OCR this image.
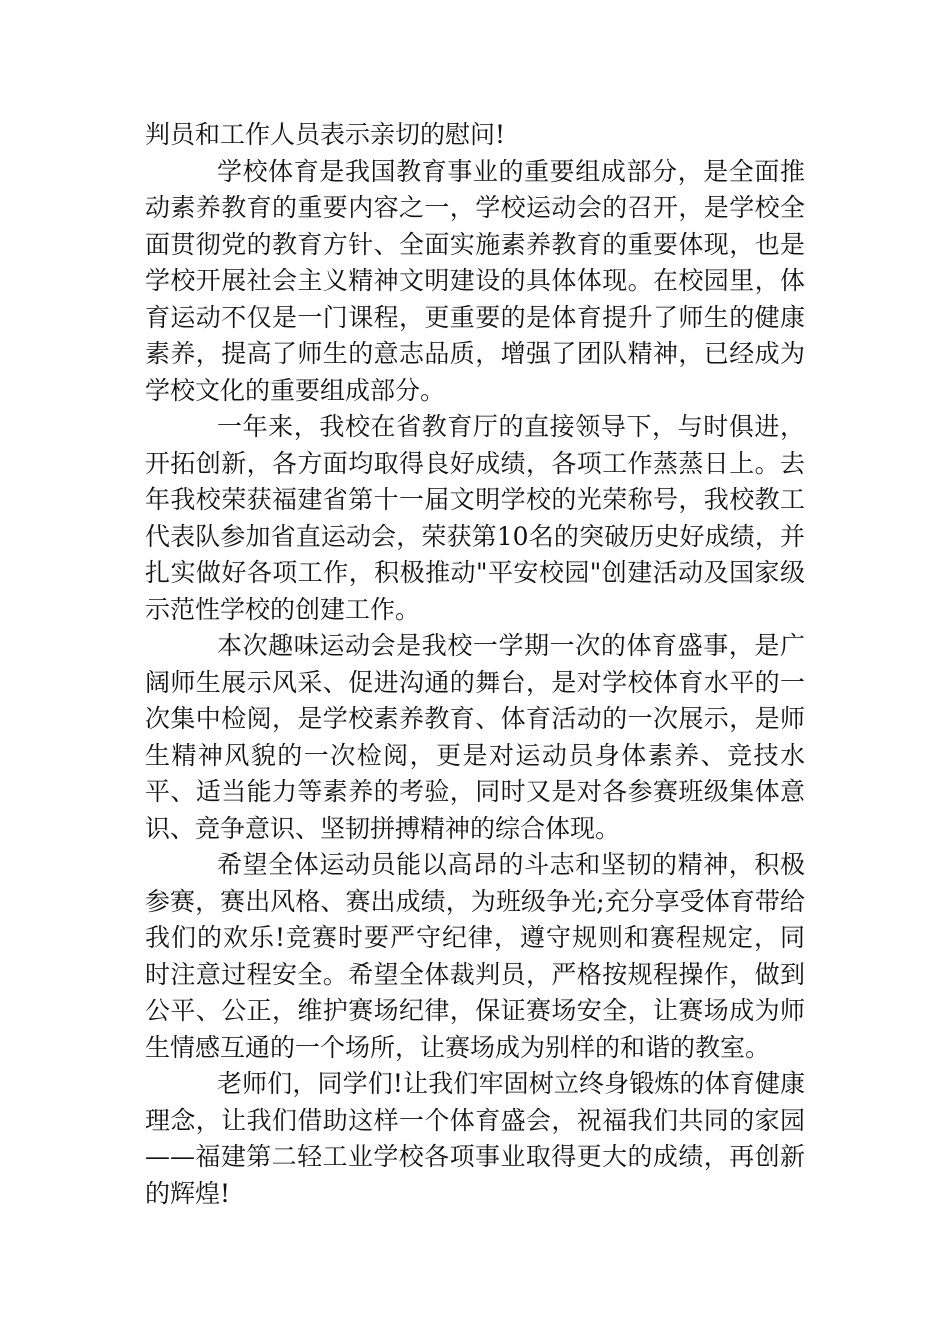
判员和工作人员表示亲切的慰问!

学校体育是我国教育事业的重要组成部分，是全面推动素养教育的重要内容之一，学校运动会的召开，是学校全面贯彻党的教育方针、全面实施素养教育的重要体现，也是学校开展社会主义精神文明建设的具体体现。在校园里，体育运动不仅是一门课程，更重要的是体育提升了师生的健康素养，提高了师生的意志品质，增强了团队精神，已经成为学校文化的重要组成部分。

一年来，我校在省教育厅的直接领导下，与时俱进，开拓创新，各方面均取得良好成绩，各项工作蒸蒸日上。去年我校荣获福建省第十一届文明学校的光荣称号，我校教工代表队参加省直运动会，荣获第10名的突破历史好成绩，并扎实做好各项工作，积极推动"平安校园"创建活动及国家级示范性学校的创建工作。

本次趣味运动会是我校一学期一次的体育盛事，是广阔师生展示风采、促进沟通的舞台，是对学校体育水平的一次集中检阅，是学校素养教育、体育活动的一次展示，是师生精神风貌的一次检阅，更是对运动员身体素养、竞技水平、适当能力等素养的考验，同时又是对各参赛班级集体意识、竞争意识、坚韧拼搏精神的综合体现。

希望全体运动员能以高昂的斗志和坚韧的精神，积极参赛，赛出风格、赛出成绩，为班级争光;充分享受体育带给我们的欢乐!竞赛时要严守纪律，遵守规则和赛程规定，同时注意过程安全。希望全体裁判员，严格按规程操作，做到公平、公正，维护赛场纪律，保证赛场安全，让赛场成为师生情感互通的一个场所，让赛场成为别样的和谐的教室。

老师们，同学们!让我们牢固树立终身锻炼的体育健康理念，让我们借助这样一个体育盛会，祝福我们共同的家园——福建第二轻工业学校各项事业取得更大的成绩，再创新的辉煌!
